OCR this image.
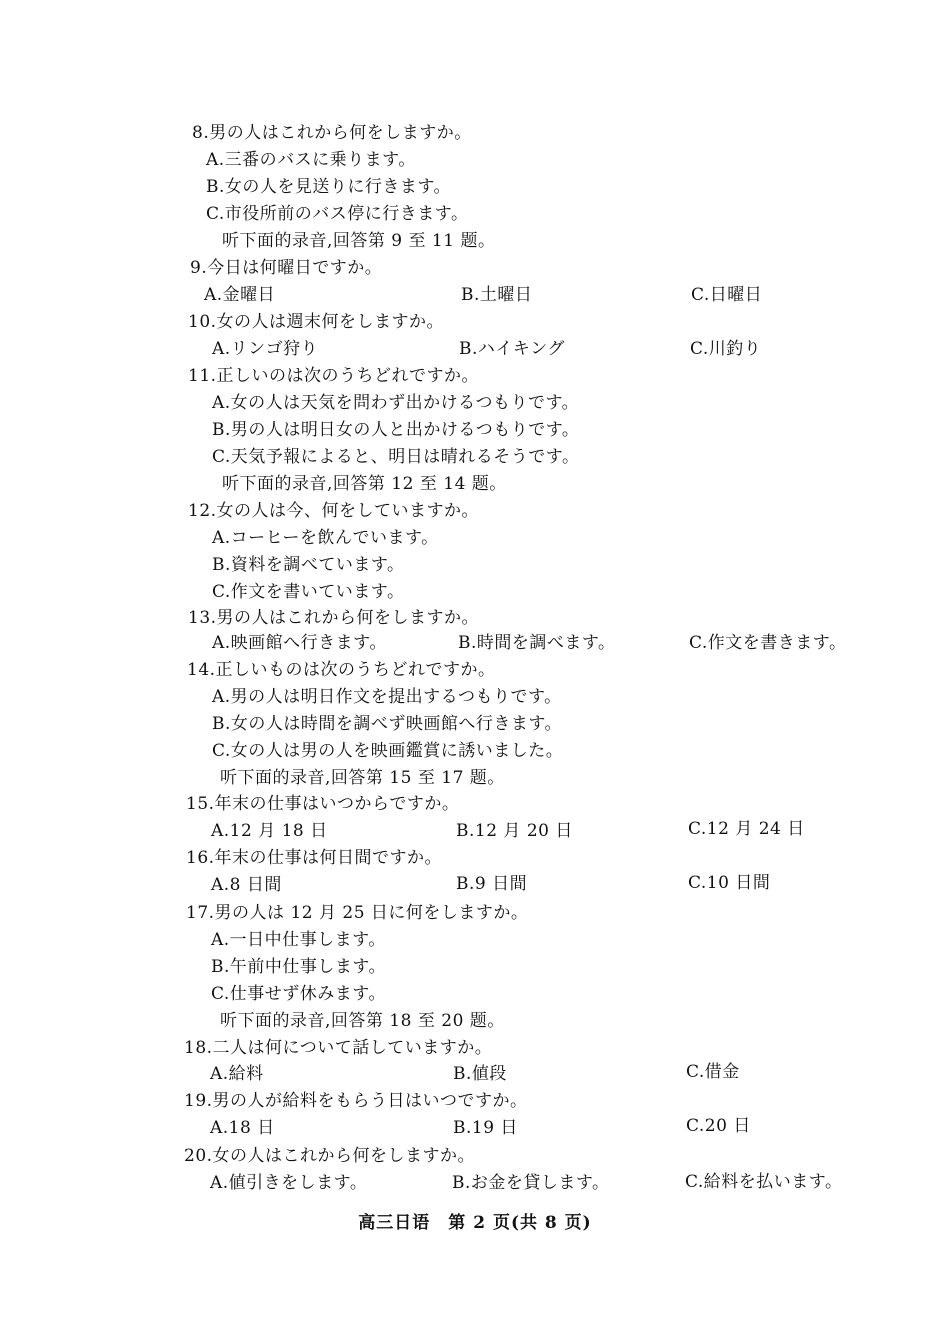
8.男の人はこれから何をしますか。
A.三番のバスに乗ります。
B.女の人を見送りに行きます。
C.市役所前のバス停に行きます。
听下面的录音,回答第 9 至 11 题。
9.今日は何曜日ですか。
A.金曜日	B.土曜日	C.日曜日
10.女の人は週末何をしますか。
A.リンゴ狩り	B.ハイキング	C.川釣り
11.正しいのは次のうちどれですか。
A.女の人は天気を問わず出かけるつもりです。
B.男の人は明日女の人と出かけるつもりです。
C.天気予報によると、明日は晴れるそうです。
听下面的录音,回答第 12 至 14 题。
12.女の人は今、何をしていますか。
A.コーヒーを飲んでいます。
B.資料を調べています。
C.作文を書いています。
13.男の人はこれから何をしますか。
A.映画館へ行きます。	B.時間を調べます。	C.作文を書きます。
14.正しいものは次のうちどれですか。
A.男の人は明日作文を提出するつもりです。
B.女の人は時間を調べず映画館へ行きます。
C.女の人は男の人を映画鑑賞に誘いました。
听下面的录音,回答第 15 至 17 题。
15.年末の仕事はいつからですか。
A.12 月 18 日	B.12 月 20 日	C.12 月 24 日
16.年末の仕事は何日間ですか。
A.8 日間	B.9 日間	C.10 日間
17.男の人は 12 月 25 日に何をしますか。
A.一日中仕事します。
B.午前中仕事します。
C.仕事せず休みます。
听下面的录音,回答第 18 至 20 题。
18.二人は何について話していますか。
A.給料	B.値段	C.借金
19.男の人が給料をもらう日はいつですか。
A.18 日	B.19 日	C.20 日
20.女の人はこれから何をしますか。
A.値引きをします。	B.お金を貸します。	C.給料を払います。
高三日语　第 2 页(共 8 页)
